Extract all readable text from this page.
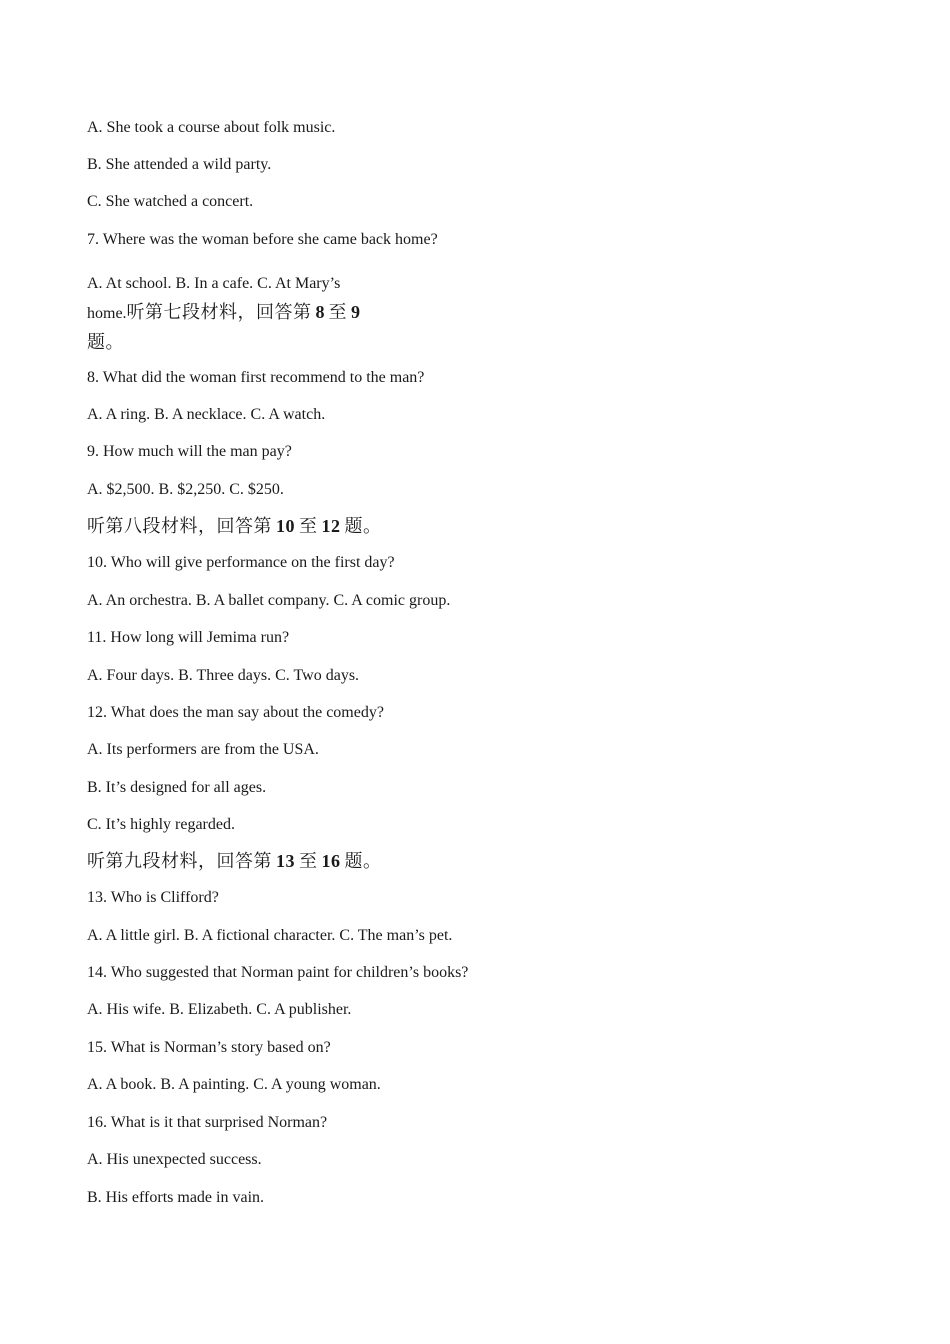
A. She took a course about folk music.
B. She attended a wild party.
C. She watched a concert.
7. Where was the woman before she came back home?
A. At school. B. In a cafe. C. At Mary’s
home.听第七段材料，回答第 8 至 9
题。
8. What did the woman first recommend to the man?
A. A ring. B. A necklace. C. A watch.
9. How much will the man pay?
A. $2,500. B. $2,250. C. $250.
听第八段材料，回答第 10 至 12 题。
10. Who will give performance on the first day?
A. An orchestra. B. A ballet company. C. A comic group.
11. How long will Jemima run?
A. Four days. B. Three days. C. Two days.
12. What does the man say about the comedy?
A. Its performers are from the USA.
B. It’s designed for all ages.
C. It’s highly regarded.
听第九段材料，回答第 13 至 16 题。
13. Who is Clifford?
A. A little girl. B. A fictional character. C. The man’s pet.
14. Who suggested that Norman paint for children’s books?
A. His wife. B. Elizabeth. C. A publisher.
15. What is Norman’s story based on?
A. A book. B. A painting. C. A young woman.
16. What is it that surprised Norman?
A. His unexpected success.
B. His efforts made in vain.
